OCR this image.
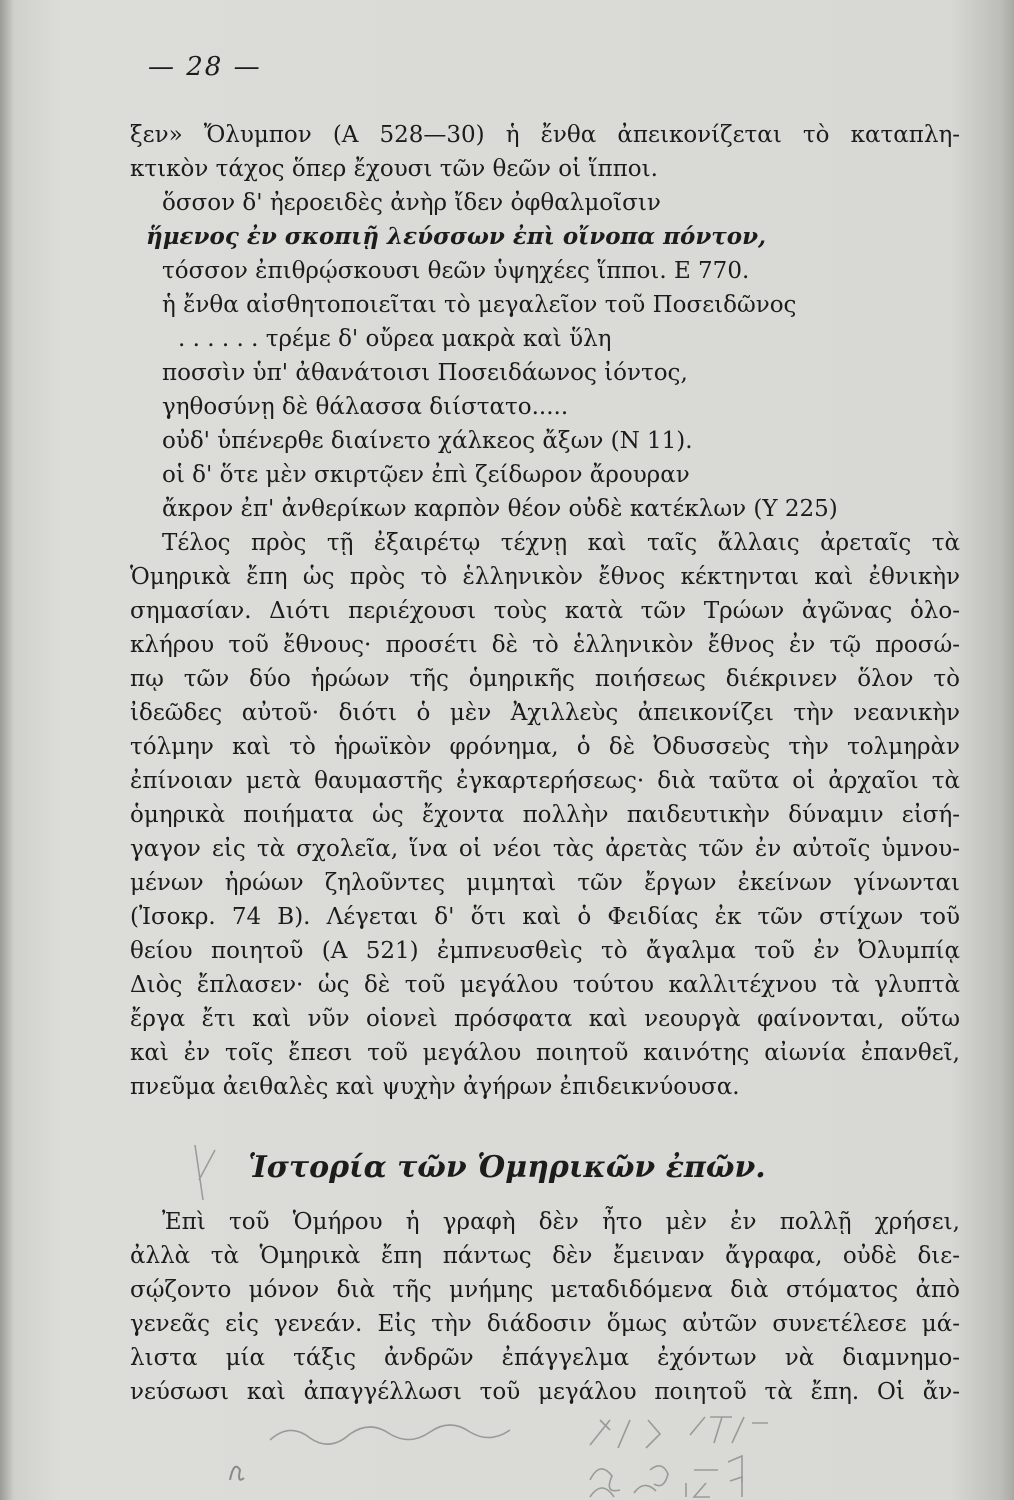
— 28 —
ξεν» Ὄλυμπον (Α 528—30) ἡ ἔνθα ἀπεικονίζεται τὸ καταπλη-
κτικὸν τάχος ὅπερ ἔχουσι τῶν θεῶν οἱ ἵπποι.
ὅσσον δ' ἠεροειδὲς ἀνὴρ ἴδεν ὀφθαλμοῖσιν
ἥμενος ἐν σκοπιῇ λεύσσων ἐπὶ οἴνοπα πόντον,
τόσσον ἐπιθρῴσκουσι θεῶν ὑψηχέες ἵπποι. Ε 770.
ἡ ἔνθα αἰσθητοποιεῖται τὸ μεγαλεῖον τοῦ Ποσειδῶνος
. . . . . . τρέμε δ' οὔρεα μακρὰ καὶ ὕλη
ποσσὶν ὑπ' ἀθανάτοισι Ποσειδάωνος ἰόντος,
γηθοσύνῃ δὲ θάλασσα διίστατο.....
οὐδ' ὑπένερθε διαίνετο χάλκεος ἄξων (Ν 11).
οἱ δ' ὅτε μὲν σκιρτῷεν ἐπὶ ζείδωρον ἄρουραν
ἄκρον ἐπ' ἀνθερίκων καρπὸν θέον οὐδὲ κατέκλων (Υ 225)
Τέλος πρὸς τῇ ἐξαιρέτῳ τέχνῃ καὶ ταῖς ἄλλαις ἀρεταῖς τὰ
Ὁμηρικὰ ἔπη ὡς πρὸς τὸ ἑλληνικὸν ἔθνος κέκτηνται καὶ ἐθνικὴν
σημασίαν. Διότι περιέχουσι τοὺς κατὰ τῶν Τρώων ἀγῶνας ὁλο-
κλήρου τοῦ ἔθνους· προσέτι δὲ τὸ ἑλληνικὸν ἔθνος ἐν τῷ προσώ-
πῳ τῶν δύο ἡρώων τῆς ὁμηρικῆς ποιήσεως διέκρινεν ὅλον τὸ
ἰδεῶδες αὐτοῦ· διότι ὁ μὲν Ἀχιλλεὺς ἀπεικονίζει τὴν νεανικὴν
τόλμην καὶ τὸ ἡρωϊκὸν φρόνημα, ὁ δὲ Ὀδυσσεὺς τὴν τολμηρὰν
ἐπίνοιαν μετὰ θαυμαστῆς ἐγκαρτερήσεως· διὰ ταῦτα οἱ ἀρχαῖοι τὰ
ὁμηρικὰ ποιήματα ὡς ἔχοντα πολλὴν παιδευτικὴν δύναμιν εἰσή-
γαγον εἰς τὰ σχολεῖα, ἵνα οἱ νέοι τὰς ἀρετὰς τῶν ἐν αὐτοῖς ὑμνου-
μένων ἡρώων ζηλοῦντες μιμηταὶ τῶν ἔργων ἐκείνων γίνωνται
(Ἰσοκρ. 74 Β). Λέγεται δ' ὅτι καὶ ὁ Φειδίας ἐκ τῶν στίχων τοῦ
θείου ποιητοῦ (Α 521) ἐμπνευσθεὶς τὸ ἄγαλμα τοῦ ἐν Ὀλυμπίᾳ
Διὸς ἔπλασεν· ὡς δὲ τοῦ μεγάλου τούτου καλλιτέχνου τὰ γλυπτὰ
ἔργα ἔτι καὶ νῦν οἱονεὶ πρόσφατα καὶ νεουργὰ φαίνονται, οὕτω
καὶ ἐν τοῖς ἔπεσι τοῦ μεγάλου ποιητοῦ καινότης αἰωνία ἐπανθεῖ,
πνεῦμα ἀειθαλὲς καὶ ψυχὴν ἀγήρων ἐπιδεικνύουσα.
Ἱστορία τῶν Ὁμηρικῶν ἐπῶν.
Ἐπὶ τοῦ Ὁμήρου ἡ γραφὴ δὲν ἦτο μὲν ἐν πολλῇ χρήσει,
ἀλλὰ τὰ Ὁμηρικὰ ἔπη πάντως δὲν ἔμειναν ἄγραφα, οὐδὲ διε-
σῴζοντο μόνον διὰ τῆς μνήμης μεταδιδόμενα διὰ στόματος ἀπὸ
γενεᾶς εἰς γενεάν. Εἰς τὴν διάδοσιν ὅμως αὐτῶν συνετέλεσε μά-
λιστα μία τάξις ἀνδρῶν ἐπάγγελμα ἐχόντων νὰ διαμνημο-
νεύσωσι καὶ ἀπαγγέλλωσι τοῦ μεγάλου ποιητοῦ τὰ ἔπη. Οἱ ἄν-
